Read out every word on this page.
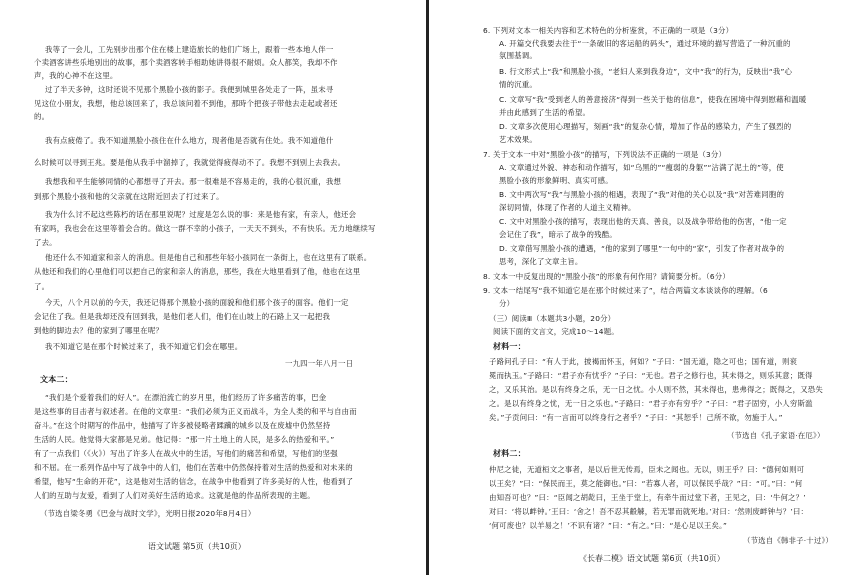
我等了一会儿，工先别步出那个住在楼上建造旅长的他们广场上，跟着一些本地人伴一
个卖酒客讲些乐地别出的故事，那个卖酒客转手相助她讲得很不耐烦。众人都笑，我却不作
声，我的心神不在这里。
过了半天多钟，这时还说不见那个黑脸小孩的影子。我便到城里各处走了一阵，虽未寻
见这位小朋友，我想，他总该回来了，我总该问着不到他，那時个把孩子带他去走起或者还
的。
我有点疲倦了。我不知道黑脸小孩住在什么地方，现者他是否就有住处。我不知道他什
么时候可以寻到王兆。要是他从我手中溜掉了，我就觉得疲得动不了。我想不到别上去我去。
我想我和平生能够同情的心都想寻了开去。那一很难是不容易走的，我的心很沉重，我想
到那个黑脸小孩和他的父亲就在这附近回去了打过来了。
我为什么讨不起这些陈朽的话在那里说呢？过度是怎么说的事：来是他有家，有亲人，他还会
有家吗，我也会在这里等着会合的。做这一群不幸的小孩子，一天天不到头，不有快乐。无力地继续写
了去。
他还什么不知道家和亲人的消息。但是他自己和那些年轻小孩同在一条街上，也在这里有了联系。
从他还和我们的心里他们可以把自己的家和亲人的消息，那些，我在大地里看到了他，他也在这里
了。
今天，八个月以前的今天，我还记得那个黑脸小孩的面貌和他们那个孩子的面容。他们一定
会记住了我。但是我却还没有回到我，是他们老人们，他们在山坡上的石路上又一起把我
到他的脚边去？他的家到了哪里在呢？
我不知道它是在那个时候过来了，我不知道它们会在哪里。
一九四一年八月一日
文本二：
“我们是个爱着我们的好人”。在漂泊流亡的岁月里，他们经历了许多痛苦的事，巴金
是这些事的目击者与叙述者。在他的文章里：“我们必须为正义而战斗，为全人类的和平与自由而
奋斗。”在这个时期写的作品中，他描写了许多被侵略者蹂躏的城乡以及在废墟中仍然坚持
生活的人民。他觉得大家都是兄弟。他记得：“那一片土地上的人民，是多么的热爱和平。”
有了一点我们（《火》）写出了许多人在战火中的生活，写他们的痛苦和希望，写他们的坚强
和不屈。在一系列作品中写了战争中的人们，他们在苦难中仍然保持着对生活的热爱和对未来的
希望，他写“生命的开花”，这是他对生活的信念，在战争中他看到了许多美好的人性，他看到了
人们的互助与友爱，看到了人们对美好生活的追求。这就是他的作品所表现的主题。
（节选自梁冬勇《巴金与战时文学》，光明日报2020年8月4日）
语文试题 第5页（共10页）
6. 下列对文本一相关内容和艺术特色的分析鉴赏，不正确的一项是（3分）
A. 开篇交代我要去往于“一条破旧的客运船的码头”，通过环境的描写营造了一种沉重的
氛围基调。
B. 行文形式上“我”和黑脸小孩，“老妇人来到我身边”，文中“我”的行为，反映出“我”心
情的沉重。
C. 文章写“我”受到老人的善意接济“得到一些关于他的信息”，使我在困境中得到慰藉和温暖
并由此感到了生活的希望。
D. 文章多次使用心理描写，刻画“我”的复杂心情，增加了作品的感染力，产生了强烈的
艺术效果。
7. 关于文本一中对“黑脸小孩”的描写，下列说法不正确的一项是（3分）
A. 文章通过外貌、神态和动作描写，如“乌黑的”“瘦弱的身躯”“沾满了泥土的”等，使
黑脸小孩的形象鲜明、真实可感。
B. 文中两次写“我”与黑脸小孩的相遇，表现了“我”对他的关心以及“我”对苦难同胞的
深切同情，体现了作者的人道主义精神。
C. 文中对黑脸小孩的描写，表现出他的天真、善良，以及战争带给他的伤害，“他一定
会记住了我”，暗示了战争的残酷。
D. 文章借写黑脸小孩的遭遇，“他的家到了哪里”一句中的“家”，引发了作者对战争的
思考，深化了文章主旨。
8. 文本一中反复出现的“黑脸小孩”的形象有何作用？请简要分析。（6分）
9. 文本一结尾写“我不知道它是在那个时候过来了”，结合两篇文本谈谈你的理解。（6
分）
（三）阅读Ⅲ（本题共3小题，20分）
阅读下面的文言文，完成10～14题。
材料一：
子路问孔子曰：“有人于此，披褐而怀玉，何如？”子曰：“国无道，隐之可也；国有道，则衮
冕而执玉。”子路曰：“君子亦有忧乎？”子曰：“无也。君子之修行也，其未得之，则乐其意；既得
之，又乐其治。是以有终身之乐，无一日之忧。小人则不然，其未得也，患弗得之；既得之，又恐失
之。是以有终身之忧，无一日之乐也。”子路曰：“君子亦有穷乎？”子曰：“君子固穷，小人穷斯滥
矣。”子贡问曰：“有一言而可以终身行之者乎？”子曰：“其恕乎！己所不欲，勿施于人。”
（节选自《孔子家语·在厄》）
材料二：
仲尼之徒，无道桓文之事者，是以后世无传焉，臣未之闻也。无以，则王乎？曰：“德何如则可
以王矣？”曰：“保民而王，莫之能御也。”曰：“若寡人者，可以保民乎哉？”曰：“可。”曰：“何
由知吾可也？”曰：“臣闻之胡龁曰，王坐于堂上，有牵牛而过堂下者，王见之，曰：‘牛何之？’
对曰：‘将以衅钟。’王曰：‘舍之！吾不忍其觳觫，若无罪而就死地。’对曰：‘然则废衅钟与？’曰：
‘何可废也？以羊易之！’不识有诸？”曰：“有之。”曰：“是心足以王矣。”
（节选自《韩非子·十过》）
《长春二模》语文试题 第6页（共10页）
